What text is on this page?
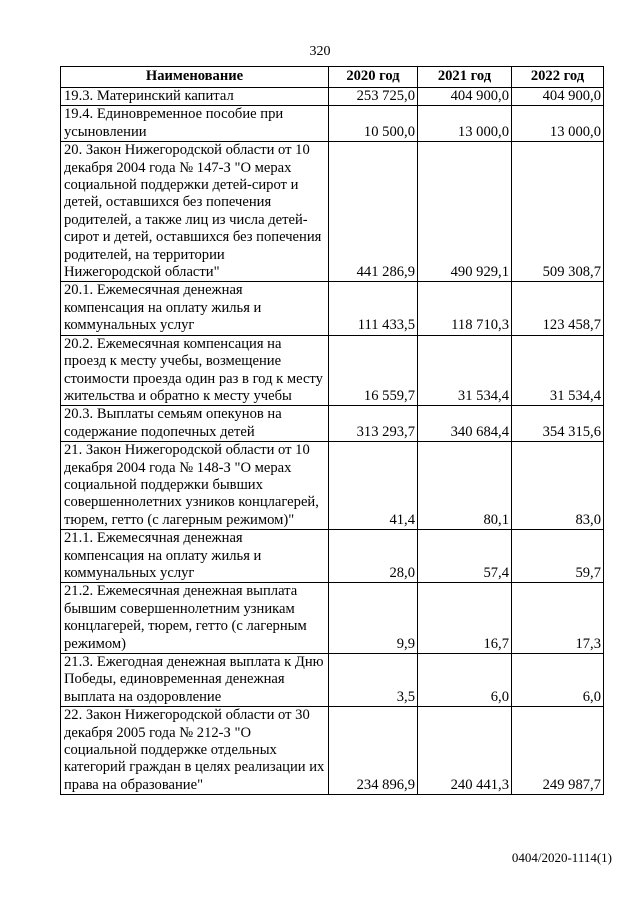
320
Наименование	2020 год	2021 год	2022 год
19.3. Материнский капитал	253 725,0	404 900,0	404 900,0
19.4. Единовременное пособие при усыновлении	10 500,0	13 000,0	13 000,0
20. Закон Нижегородской области от 10 декабря 2004 года № 147-З "О мерах социальной поддержки детей-сирот и детей, оставшихся без попечения родителей, а также лиц из числа детей-сирот и детей, оставшихся без попечения родителей, на территории Нижегородской области"	441 286,9	490 929,1	509 308,7
20.1. Ежемесячная денежная компенсация на оплату жилья и коммунальных услуг	111 433,5	118 710,3	123 458,7
20.2. Ежемесячная компенсация на проезд к месту учебы, возмещение стоимости проезда один раз в год к месту жительства и обратно к месту учебы	16 559,7	31 534,4	31 534,4
20.3. Выплаты семьям опекунов на содержание подопечных детей	313 293,7	340 684,4	354 315,6
21. Закон Нижегородской области от 10 декабря 2004 года № 148-З "О мерах социальной поддержки бывших совершеннолетних узников концлагерей, тюрем, гетто (с лагерным режимом)"	41,4	80,1	83,0
21.1. Ежемесячная денежная компенсация на оплату жилья и коммунальных услуг	28,0	57,4	59,7
21.2. Ежемесячная денежная выплата бывшим совершеннолетним узникам концлагерей, тюрем, гетто (с лагерным режимом)	9,9	16,7	17,3
21.3. Ежегодная денежная выплата к Дню Победы, единовременная денежная выплата на оздоровление	3,5	6,0	6,0
22. Закон Нижегородской области от 30 декабря 2005 года № 212-З "О социальной поддержке отдельных категорий граждан в целях реализации их права на образование"	234 896,9	240 441,3	249 987,7
0404/2020-1114(1)
